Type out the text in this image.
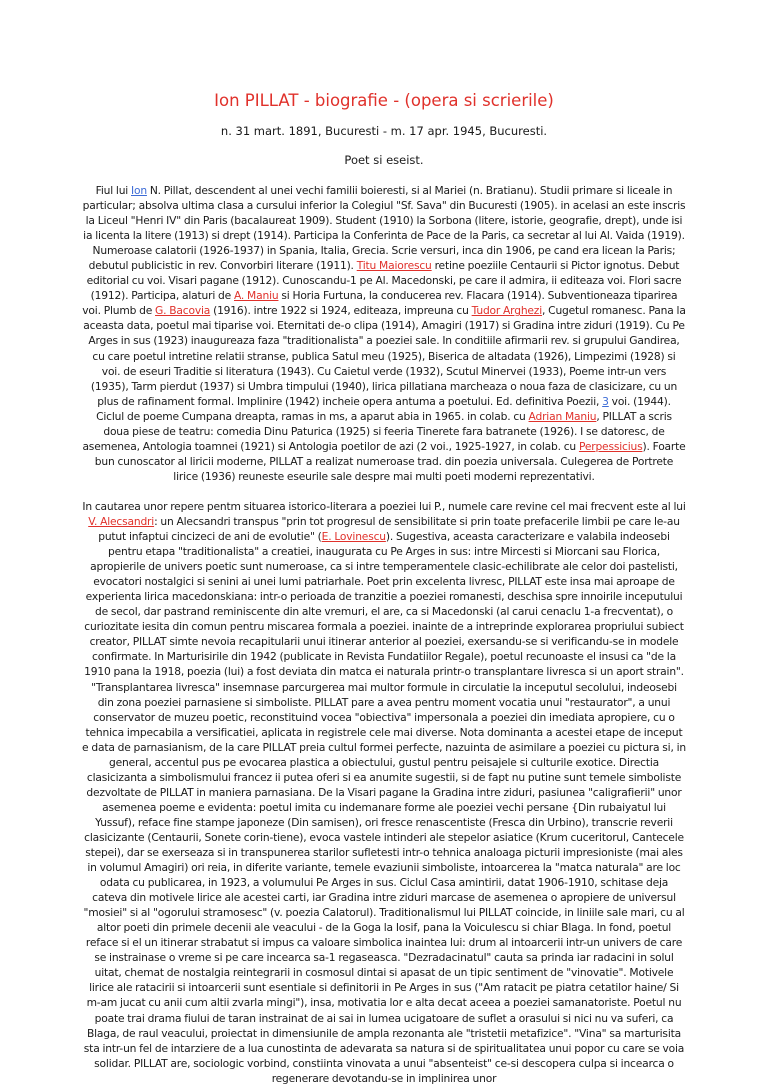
Ion PILLAT - biografie - (opera si scrierile)
n. 31 mart. 1891, Bucuresti - m. 17 apr. 1945, Bucuresti.
Poet si eseist.

Fiul lui Ion N. Pillat, descendent al unei vechi familii boieresti, si al Mariei (n. Bratianu). Studii primare si liceale in particular; absolva ultima clasa a cursului inferior la Colegiul "Sf. Sava" din Bucuresti (1905). in acelasi an este inscris la Liceul "Henri IV" din Paris (bacalaureat 1909). Student (1910) la Sorbona (litere, istorie, geografie, drept), unde isi ia licenta la litere (1913) si drept (1914). Participa la Conferinta de Pace de la Paris, ca secretar al lui Al. Vaida (1919). Numeroase calatorii (1926-1937) in Spania, Italia, Grecia. Scrie versuri, inca din 1906, pe cand era licean la Paris; debutul publicistic in rev. Convorbiri literare (1911). Titu Maiorescu retine poeziile Centaurii si Pictor ignotus. Debut editorial cu voi. Visari pagane (1912). Cunoscandu-1 pe Al. Macedonski, pe care il admira, ii editeaza voi. Flori sacre (1912). Participa, alaturi de A. Maniu si Horia Furtuna, la conducerea rev. Flacara (1914). Subventioneaza tiparirea voi. Plumb de G. Bacovia (1916). intre 1922 si 1924, editeaza, impreuna cu Tudor Arghezi, Cugetul romanesc. Pana la aceasta data, poetul mai tiparise voi. Eternitati de-o clipa (1914), Amagiri (1917) si Gradina intre ziduri (1919). Cu Pe Arges in sus (1923) inaugureaza faza "traditionalista" a poeziei sale. In conditiile afirmarii rev. si grupului Gandirea, cu care poetul intretine relatii stranse, publica Satul meu (1925), Biserica de altadata (1926), Limpezimi (1928) si voi. de eseuri Traditie si literatura (1943). Cu Caietul verde (1932), Scutul Minervei (1933), Poeme intr-un vers (1935), Tarm pierdut (1937) si Umbra timpului (1940), lirica pillatiana marcheaza o noua faza de clasicizare, cu un plus de rafinament formal. Implinire (1942) incheie opera antuma a poetului. Ed. definitiva Poezii, 3 voi. (1944). Ciclul de poeme Cumpana dreapta, ramas in ms, a aparut abia in 1965. in colab. cu Adrian Maniu, PILLAT a scris doua piese de teatru: comedia Dinu Paturica (1925) si feeria Tinerete fara batranete (1926). I se datoresc, de asemenea, Antologia toamnei (1921) si Antologia poetilor de azi (2 voi., 1925-1927, in colab. cu Perpessicius). Foarte bun cunoscator al liricii moderne, PILLAT a realizat numeroase trad. din poezia universala. Culegerea de Portrete lirice (1936) reuneste eseurile sale despre mai multi poeti moderni reprezentativi.

In cautarea unor repere pentm situarea istorico-literara a poeziei lui P., numele care revine cel mai frecvent este al lui V. Alecsandri: un Alecsandri transpus "prin tot progresul de sensibilitate si prin toate prefacerile limbii pe care le-au putut infaptui cincizeci de ani de evolutie" (E. Lovinescu). Sugestiva, aceasta caracterizare e valabila indeosebi pentru etapa "traditionalista" a creatiei, inaugurata cu Pe Arges in sus: intre Mircesti si Miorcani sau Florica, apropierile de univers poetic sunt numeroase, ca si intre temperamentele clasic-echilibrate ale celor doi pastelisti, evocatori nostalgici si senini ai unei lumi patriarhale. Poet prin excelenta livresc, PILLAT este insa mai aproape de experienta lirica macedonskiana: intr-o perioada de tranzitie a poeziei romanesti, deschisa spre innoirile inceputului de secol, dar pastrand reminiscente din alte vremuri, el are, ca si Macedonski (al carui cenaclu 1-a frecventat), o curiozitate iesita din comun pentru miscarea formala a poeziei. inainte de a intreprinde explorarea propriului subiect creator, PILLAT simte nevoia recapitularii unui itinerar anterior al poeziei, exersandu-se si verificandu-se in modele confirmate. In Marturisirile din 1942 (publicate in Revista Fundatiilor Regale), poetul recunoaste el insusi ca "de la 1910 pana la 1918, poezia (lui) a fost deviata din matca ei naturala printr-o transplantare livresca si un aport strain". "Transplantarea livresca" insemnase parcurgerea mai multor formule in circulatie la inceputul secolului, indeosebi din zona poeziei parnasiene si simboliste. PILLAT pare a avea pentru moment vocatia unui "restaurator", a unui conservator de muzeu poetic, reconstituind vocea "obiectiva" impersonala a poeziei din imediata apropiere, cu o tehnica impecabila a versificatiei, aplicata in registrele cele mai diverse. Nota dominanta a acestei etape de inceput e data de parnasianism, de la care PILLAT preia cultul formei perfecte, nazuinta de asimilare a poeziei cu pictura si, in general, accentul pus pe evocarea plastica a obiectului, gustul pentru peisajele si culturile exotice. Directia clasicizanta a simbolismului francez ii putea oferi si ea anumite sugestii, si de fapt nu putine sunt temele simboliste dezvoltate de PILLAT in maniera parnasiana. De la Visari pagane la Gradina intre ziduri, pasiunea "caligrafierii" unor asemenea poeme e evidenta: poetul imita cu indemanare forme ale poeziei vechi persane {Din rubaiyatul lui Yussuf), reface fine stampe japoneze (Din samisen), ori fresce renascentiste (Fresca din Urbino), transcrie reverii clasicizante (Centaurii, Sonete corin-tiene), evoca vastele intinderi ale stepelor asiatice (Krum cuceritorul, Cantecele stepei), dar se exerseaza si in transpunerea starilor sufletesti intr-o tehnica analoaga picturii impresioniste (mai ales in volumul Amagiri) ori reia, in diferite variante, temele evaziunii simboliste, intoarcerea la "matca naturala" are loc odata cu publicarea, in 1923, a volumului Pe Arges in sus. Ciclul Casa amintirii, datat 1906-1910, schitase deja cateva din motivele lirice ale acestei carti, iar Gradina intre ziduri marcase de asemenea o apropiere de universul "mosiei" si al "ogorului stramosesc" (v. poezia Calatorul). Traditionalismul lui PILLAT coincide, in liniile sale mari, cu al altor poeti din primele decenii ale veacului - de la Goga la Iosif, pana la Voiculescu si chiar Blaga. In fond, poetul reface si el un itinerar strabatut si impus ca valoare simbolica inaintea lui: drum al intoarcerii intr-un univers de care se instrainase o vreme si pe care incearca sa-1 regaseasca. "Dezradacinatul" cauta sa prinda iar radacini in solul uitat, chemat de nostalgia reintegrarii in cosmosul dintai si apasat de un tipic sentiment de "vinovatie". Motivele lirice ale ratacirii si intoarcerii sunt esentiale si definitorii in Pe Arges in sus ("Am ratacit pe piatra cetatilor haine/ Si m-am jucat cu anii cum altii zvarla mingi"), insa, motivatia lor e alta decat aceea a poeziei samanatoriste. Poetul nu poate trai drama fiului de taran instrainat de ai sai in lumea ucigatoare de suflet a orasului si nici nu va suferi, ca Blaga, de raul veacului, proiectat in dimensiunile de ampla rezonanta ale "tristetii metafizice". "Vina" sa marturisita sta intr-un fel de intarziere de a lua cunostinta de adevarata sa natura si de spiritualitatea unui popor cu care se voia solidar. PILLAT are, sociologic vorbind, constiinta vinovata a unui "absenteist" ce-si descopera culpa si incearca o regenerare devotandu-se in implinirea unor
